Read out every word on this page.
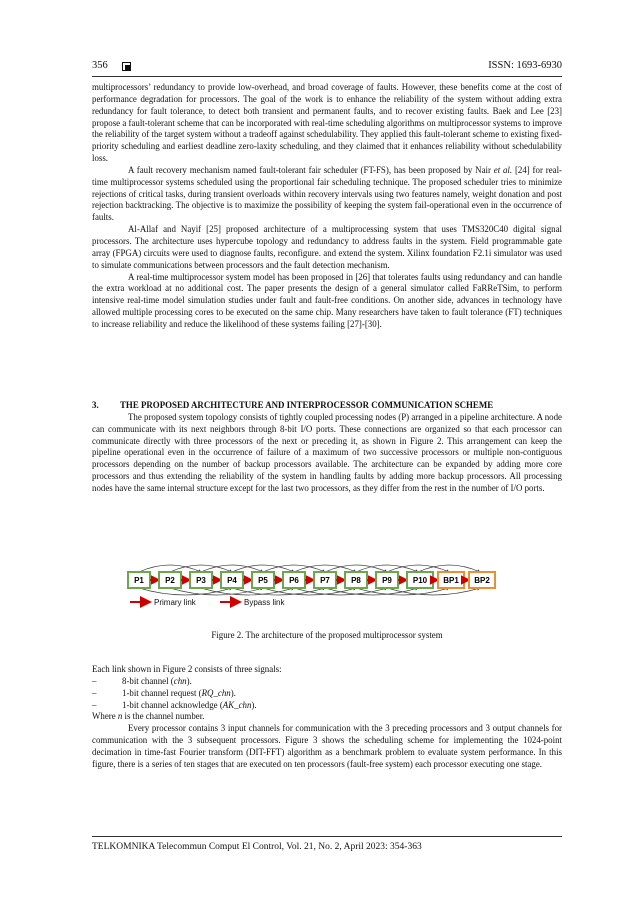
356	ISSN: 1693-6930

multiprocessors’ redundancy to provide low-overhead, and broad coverage of faults. However, these benefits come at the cost of performance degradation for processors. The goal of the work is to enhance the reliability of the system without adding extra redundancy for fault tolerance, to detect both transient and permanent faults, and to recover existing faults. Baek and Lee [23] propose a fault-tolerant scheme that can be incorporated with real-time scheduling algorithms on multiprocessor systems to improve the reliability of the target system without a tradeoff against schedulability. They applied this fault-tolerant scheme to existing fixed-priority scheduling and earliest deadline zero-laxity scheduling, and they claimed that it enhances reliability without schedulability loss.

A fault recovery mechanism named fault-tolerant fair scheduler (FT-FS), has been proposed by Nair et al. [24] for real-time multiprocessor systems scheduled using the proportional fair scheduling technique. The proposed scheduler tries to minimize rejections of critical tasks, during transient overloads within recovery intervals using two features namely, weight donation and post rejection backtracking. The objective is to maximize the possibility of keeping the system fail-operational even in the occurrence of faults.

Al-Allaf and Nayif [25] proposed architecture of a multiprocessing system that uses TMS320C40 digital signal processors. The architecture uses hypercube topology and redundancy to address faults in the system. Field programmable gate array (FPGA) circuits were used to diagnose faults, reconfigure. and extend the system. Xilinx foundation F2.1i simulator was used to simulate communications between processors and the fault detection mechanism.

A real-time multiprocessor system model has been proposed in [26] that tolerates faults using redundancy and can handle the extra workload at no additional cost. The paper presents the design of a general simulator called FaRReTSim, to perform intensive real-time model simulation studies under fault and fault-free conditions. On another side, advances in technology have allowed multiple processing cores to be executed on the same chip. Many researchers have taken to fault tolerance (FT) techniques to increase reliability and reduce the likelihood of these systems failing [27]-[30].

3. THE PROPOSED ARCHITECTURE AND INTERPROCESSOR COMMUNICATION SCHEME

The proposed system topology consists of tightly coupled processing nodes (P) arranged in a pipeline architecture. A node can communicate with its next neighbors through 8-bit I/O ports. These connections are organized so that each processor can communicate directly with three processors of the next or preceding it, as shown in Figure 2. This arrangement can keep the pipeline operational even in the occurrence of failure of a maximum of two successive processors or multiple non-contiguous processors depending on the number of backup processors available. The architecture can be expanded by adding more core processors and thus extending the reliability of the system in handling faults by adding more backup processors. All processing nodes have the same internal structure except for the last two processors, as they differ from the rest in the number of I/O ports.

P1	P2	P3	P4	P5	P6	P7	P8	P9	P10 BP1 BP2
Primary link	Bypass link
Figure 2. The architecture of the proposed multiprocessor system

Each link shown in Figure 2 consists of three signals:

–	8-bit channel (chn).
–	1-bit channel request (RQ_chn).
–	1-bit channel acknowledge (AK_chn).

Where n is the channel number.

Every processor contains 3 input channels for communication with the 3 preceding processors and 3 output channels for communication with the 3 subsequent processors. Figure 3 shows the scheduling scheme for implementing the 1024-point decimation in time-fast Fourier transform (DIT-FFT) algorithm as a benchmark problem to evaluate system performance. In this figure, there is a series of ten stages that are executed on ten processors (fault-free system) each processor executing one stage.

TELKOMNIKA Telecommun Comput El Control, Vol. 21, No. 2, April 2023: 354-363
